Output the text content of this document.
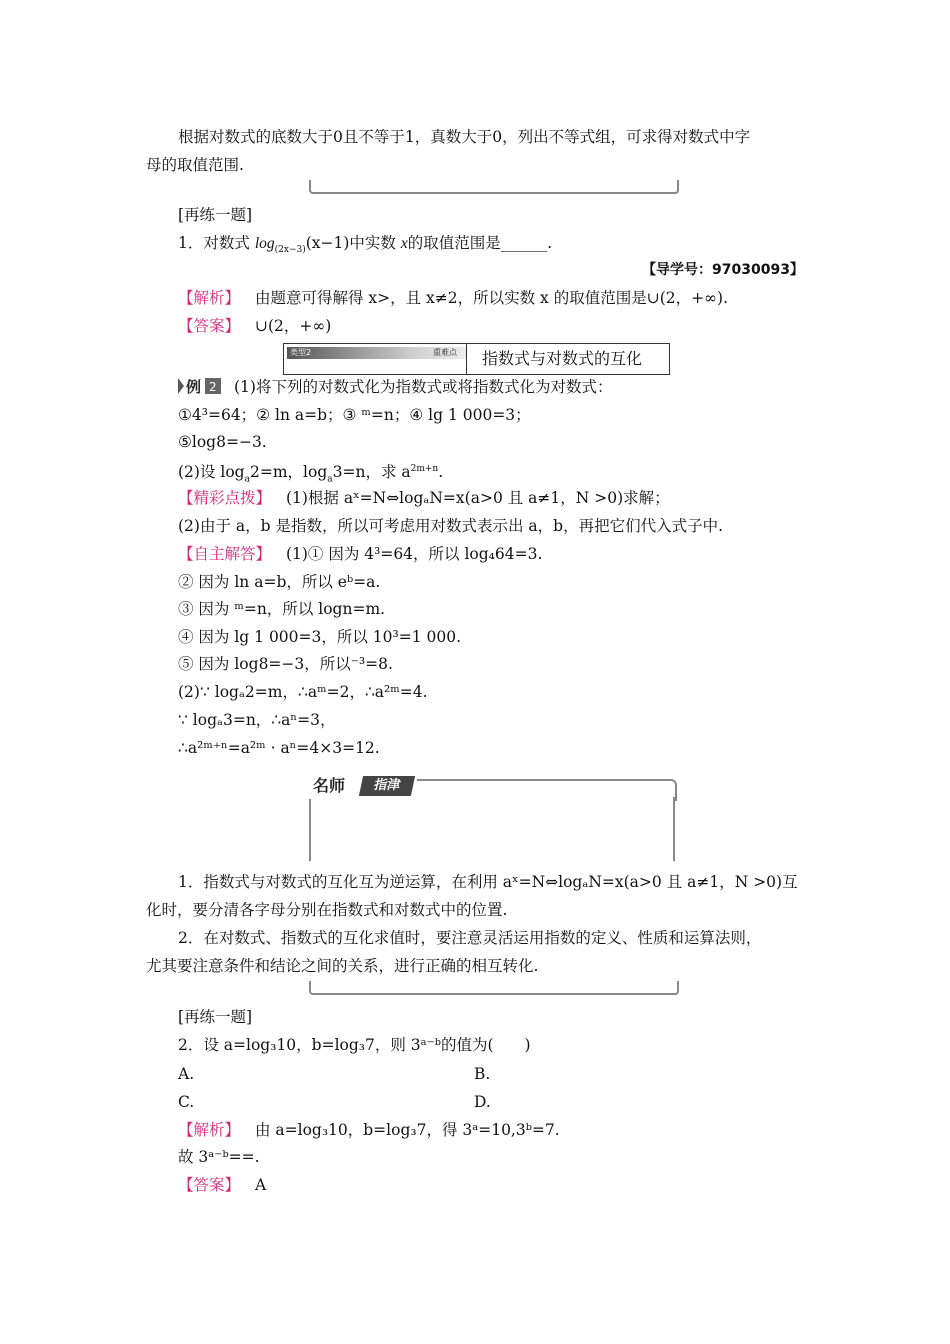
根据对数式的底数大于0且不等于1，真数大于0，列出不等式组，可求得对数式中字
母的取值范围.
[再练一题]
1．对数式 $\log_{(2x-3)}(x-1)$中实数 x的取值范围是______.
【导学号：97030093】
【解析】 由题意可得解得 x>，且 x≠2，所以实数 x 的取值范围是∪(2，+∞).
【答案】 ∪(2，+∞)
类型2	重难点 指数式与对数式的互化
例 2 (1)将下列的对数式化为指数式或将指数式化为对数式：
①4³=64；② ln a=b；③ ᵐ=n；④ lg 1 000=3；
⑤log8=−3.
(2)设 $\log_a2=m$，$\log_a3=n$，求 $a^{2m+n}$.
【精彩点拨】 (1)根据 aˣ=N⇔logₐN=x(a>0 且 a≠1，N >0)求解；
(2)由于 a，b 是指数，所以可考虑用对数式表示出 a，b，再把它们代入式子中.
【自主解答】 (1)① 因为 4³=64，所以 log₄64=3.
② 因为 ln a=b，所以 eᵇ=a.
③ 因为 ᵐ=n，所以 logn=m.
④ 因为 lg 1 000=3，所以 10³=1 000.
⑤ 因为 log8=−3，所以⁻³=8.
(2)∵ logₐ2=m，∴aᵐ=2，∴a²ᵐ=4.
∵ logₐ3=n，∴aⁿ=3，
∴a²ᵐ⁺ⁿ=a²ᵐ · aⁿ=4×3=12.
名师	指津
1．指数式与对数式的互化互为逆运算，在利用 aˣ=N⇔logₐN=x(a>0 且 a≠1，N >0)互
化时，要分清各字母分别在指数式和对数式中的位置.
2．在对数式、指数式的互化求值时，要注意灵活运用指数的定义、性质和运算法则，
尤其要注意条件和结论之间的关系，进行正确的相互转化.
[再练一题]
2．设 a=log₃10，b=log₃7，则 3ᵃ⁻ᵇ的值为(　　)
A.	B.
C.	D.
【解析】 由 a=log₃10，b=log₃7，得 3ᵃ=10,3ᵇ=7.
故 3ᵃ⁻ᵇ==.
【答案】 A
